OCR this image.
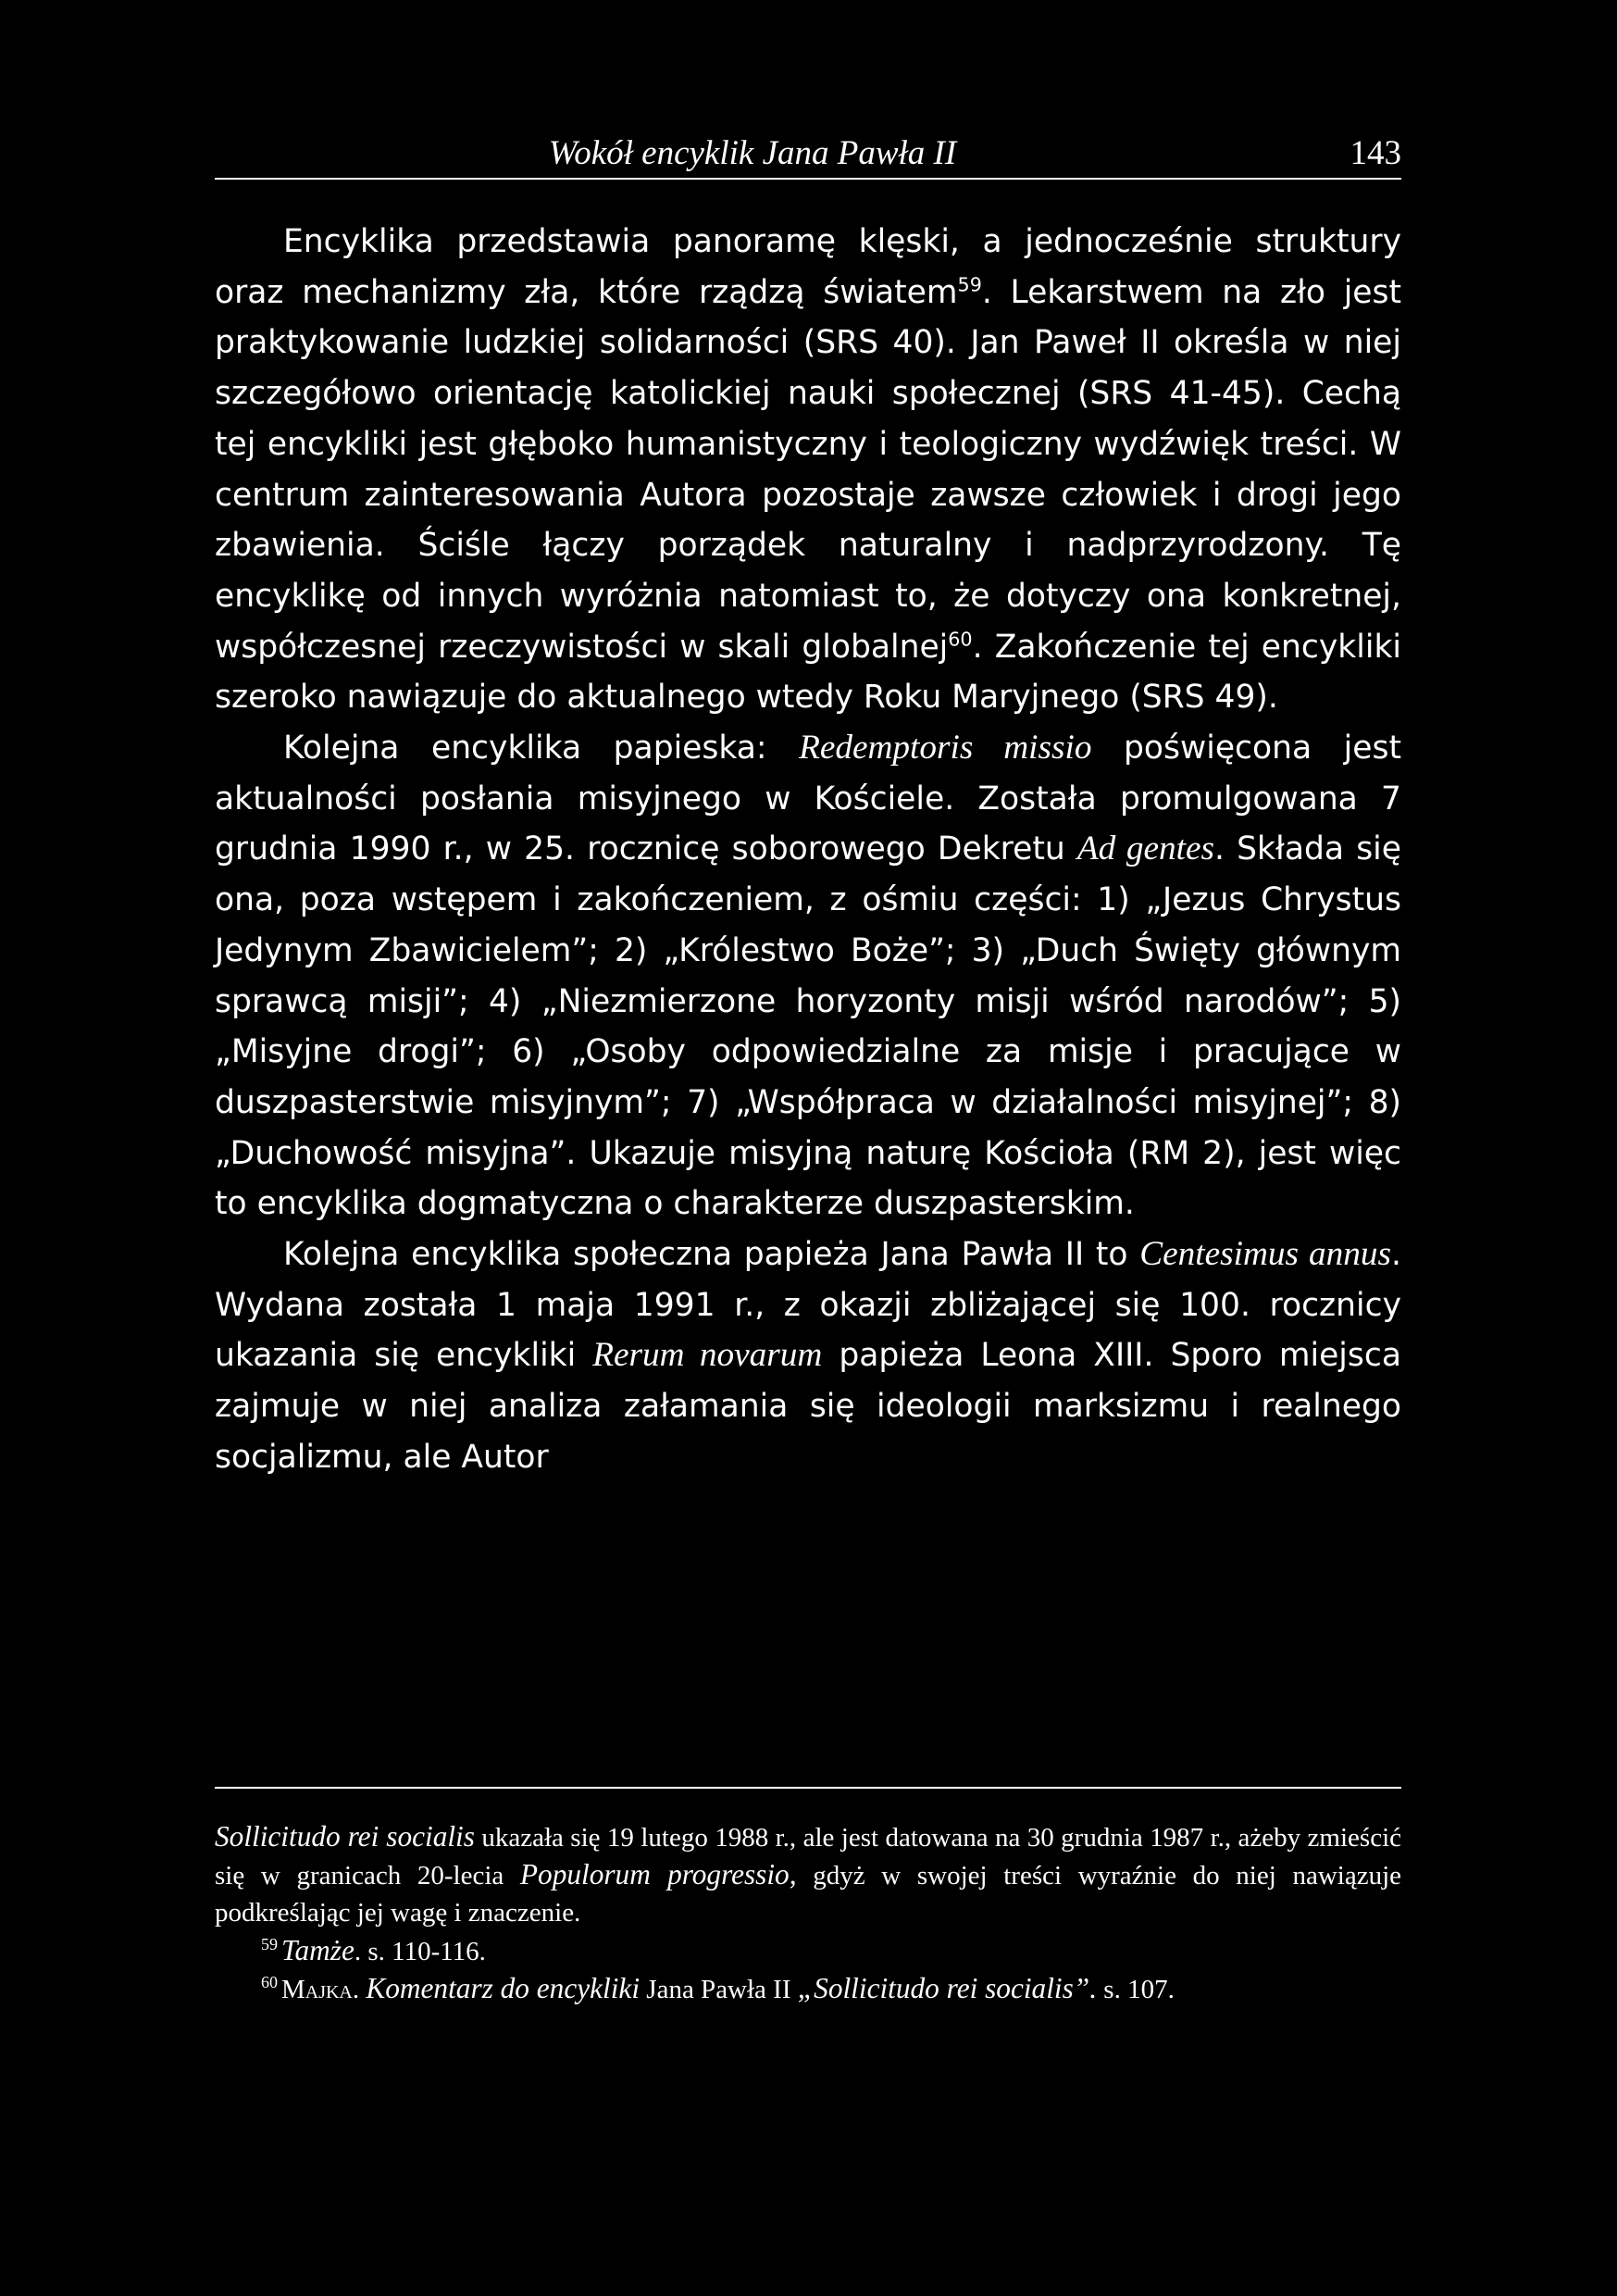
Wokół encyklik Jana Pawła II	143

Encyklika przedstawia panoramę klęski, a jednocześnie struktury oraz mechanizmy zła, które rządzą światem$^{59}$. Lekarstwem na zło jest praktykowanie ludzkiej solidarności (SRS 40). Jan Paweł II określa w niej szczegółowo orientację katolickiej nauki społecznej (SRS 41-45). Cechą tej encykliki jest głęboko humanistyczny i teologiczny wydźwięk treści. W centrum zainteresowania Autora pozostaje zawsze człowiek i drogi jego zbawienia. Ściśle łączy porządek naturalny i nadprzyrodzony. Tę encyklikę od innych wyróżnia natomiast to, że dotyczy ona konkretnej, współczesnej rzeczywistości w skali globalnej$^{60}$. Zakończenie tej encykliki szeroko nawiązuje do aktualnego wtedy Roku Maryjnego (SRS 49).

Kolejna encyklika papieska: Redemptoris missio poświęcona jest aktualności posłania misyjnego w Kościele. Została promulgowana 7 grudnia 1990 r., w 25. rocznicę soborowego Dekretu Ad gentes. Składa się ona, poza wstępem i zakończeniem, z ośmiu części: 1) „Jezus Chrystus Jedynym Zbawicielem”; 2) „Królestwo Boże”; 3) „Duch Święty głównym sprawcą misji”; 4) „Niezmierzone horyzonty misji wśród narodów”; 5) „Misyjne drogi”; 6) „Osoby odpowiedzialne za misje i pracujące w duszpasterstwie misyjnym”; 7) „Współpraca w działalności misyjnej”; 8) „Duchowość misyjna”. Ukazuje misyjną naturę Kościoła (RM 2), jest więc to encyklika dogmatyczna o charakterze duszpasterskim.

Kolejna encyklika społeczna papieża Jana Pawła II to Centesimus annus. Wydana została 1 maja 1991 r., z okazji zbliżającej się 100. rocznicy ukazania się encykliki Rerum novarum papieża Leona XIII. Sporo miejsca zajmuje w niej analiza załamania się ideologii marksizmu i realnego socjalizmu, ale Autor

Sollicitudo rei socialis ukazała się 19 lutego 1988 r., ale jest datowana na 30 grudnia 1987 r., ażeby zmieścić się w granicach 20-lecia Populorum progressio, gdyż w swojej treści wyraźnie do niej nawiązuje podkreślając jej wagę i znaczenie.

$^{59}$ Tamże. s. 110-116.

$^{60}$ Majka. Komentarz do encykliki Jana Pawła II „Sollicitudo rei socialis”. s. 107.
